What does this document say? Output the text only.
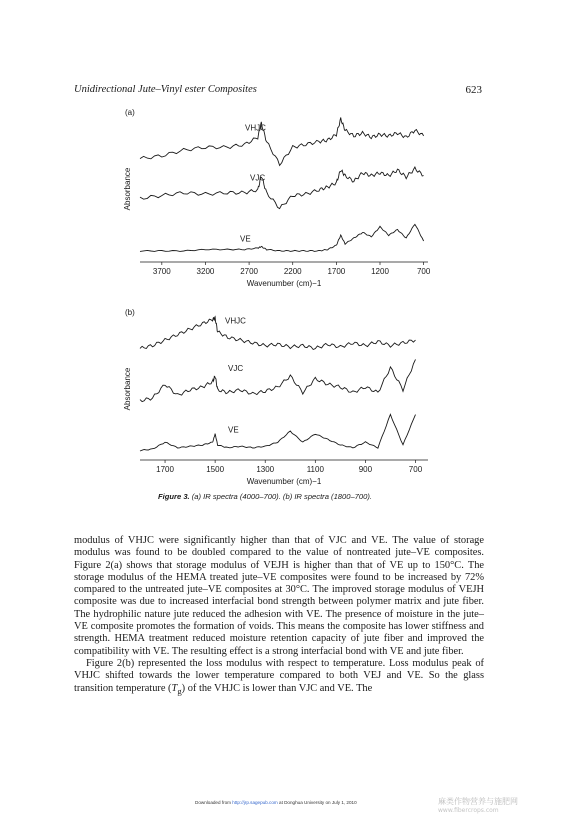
Unidirectional Jute–Vinyl ester Composites	623
(a)
3700	3200	2700	2200	1700	1200	700
Wavenumber (cm)−1
Absorbance
VHJC
VJC
VE
(b)
1700	1500	1300	1100	900	700
Wavenumber (cm)−1
Absorbance
VHJC
VJC
VE
Figure 3. (a) IR spectra (4000–700). (b) IR spectra (1800–700).

modulus of VHJC were significantly higher than that of VJC and VE. The value of storage modulus was found to be doubled compared to the value of nontreated jute–VE composites. Figure 2(a) shows that storage modulus of VEJH is higher than that of VE up to 150°C. The storage modulus of the HEMA treated jute–VE composites were found to be increased by 72% compared to the untreated jute–VE composites at 30°C. The improved storage modulus of VEJH composite was due to increased interfacial bond strength between polymer matrix and jute fiber. The hydrophilic nature jute reduced the adhesion with VE. The presence of moisture in the jute–VE composite promotes the formation of voids. This means the composite has lower stiffness and strength. HEMA treatment reduced moisture retention capacity of jute fiber and improved the compatibility with VE. The resulting effect is a strong interfacial bond with VE and jute fiber.

Figure 2(b) represented the loss modulus with respect to temperature. Loss modulus peak of VHJC shifted towards the lower temperature compared to both VEJ and VE. So the glass transition temperature $(T_g)$ of the VHJC is lower than VJC and VE. The

Downloaded from http://jrp.sagepub.com at Donghua University on July 1, 2010	麻类作物营养与施肥网
www.fibercrops.com
